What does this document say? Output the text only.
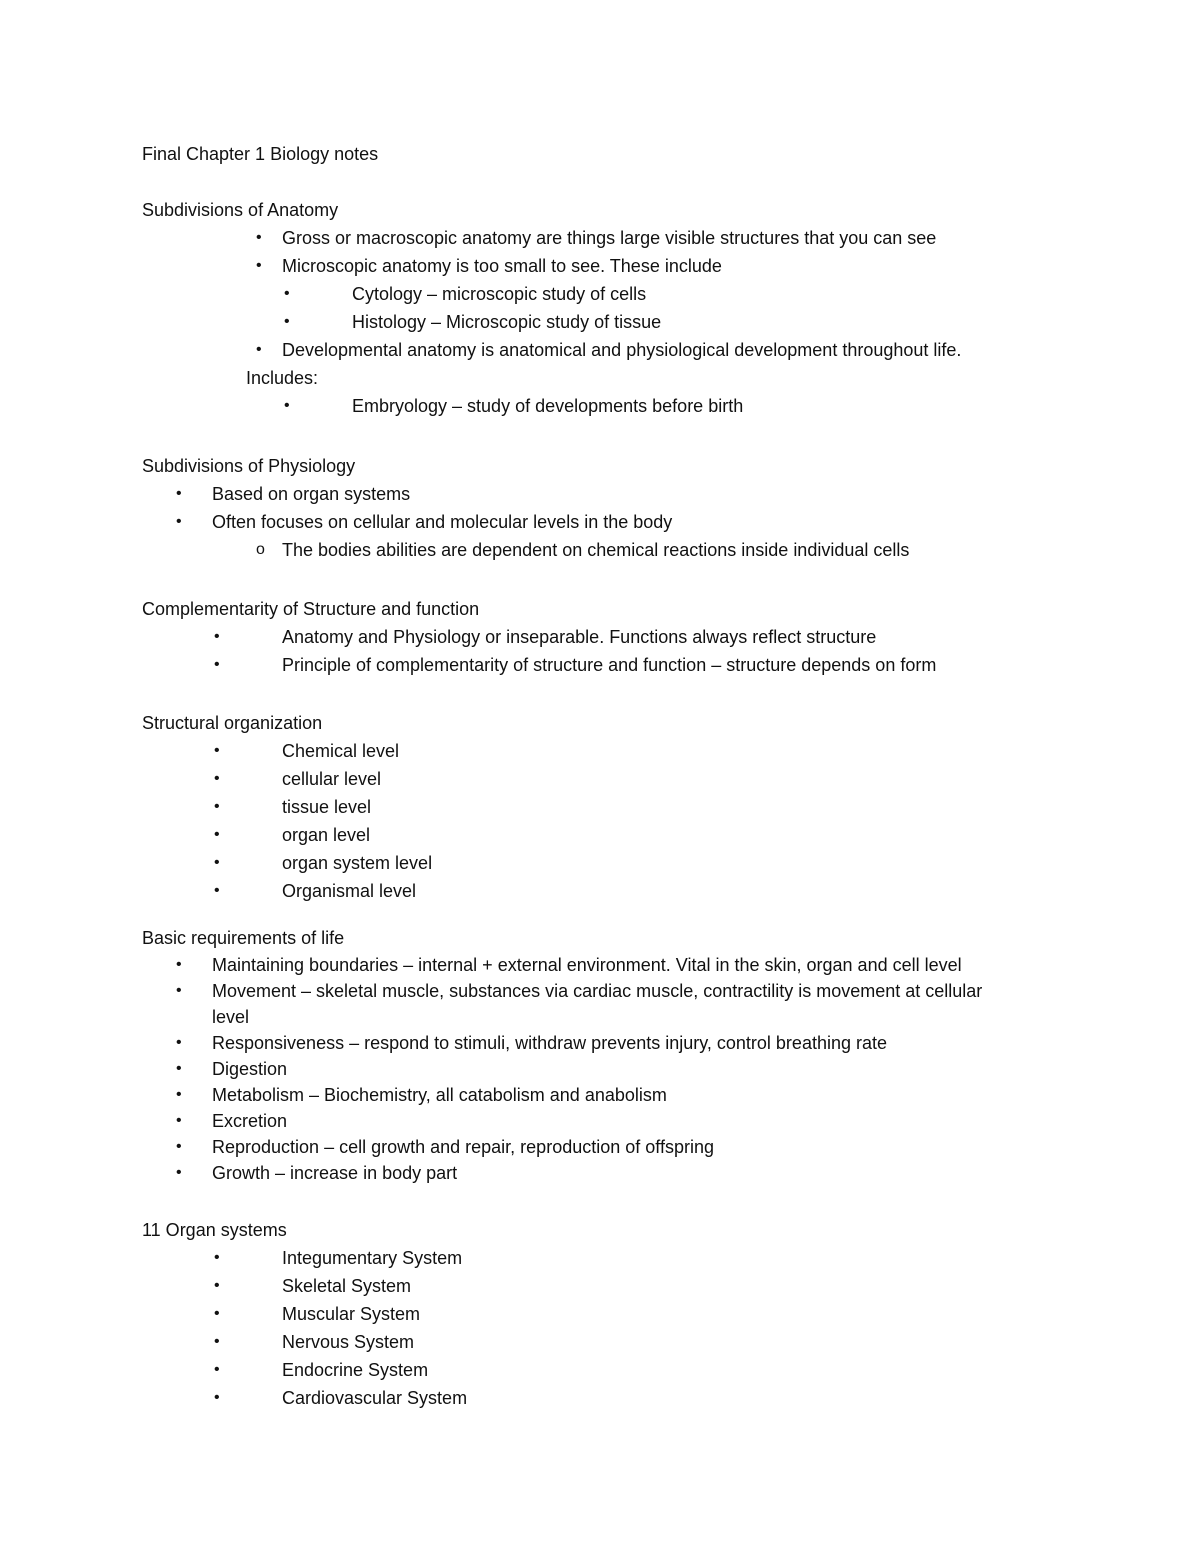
Final Chapter 1 Biology notes
Subdivisions of Anatomy
• Gross or macroscopic anatomy are things large visible structures that you can see
• Microscopic anatomy is too small to see. These include
•	Cytology – microscopic study of cells
•	Histology – Microscopic study of tissue
• Developmental anatomy is anatomical and physiological development throughout life.
Includes:
•	Embryology – study of developments before birth
Subdivisions of Physiology
• Based on organ systems
• Often focuses on cellular and molecular levels in the body
o The bodies abilities are dependent on chemical reactions inside individual cells
Complementarity of Structure and function
•	Anatomy and Physiology or inseparable. Functions always reflect structure
•	Principle of complementarity of structure and function – structure depends on form
Structural organization
•	Chemical level
•	cellular level
•	tissue level
•	organ level
•	organ system level
•	Organismal level
Basic requirements of life
• Maintaining boundaries – internal + external environment. Vital in the skin, organ and cell level
• Movement – skeletal muscle, substances via cardiac muscle, contractility is movement at cellular
level
• Responsiveness – respond to stimuli, withdraw prevents injury, control breathing rate
• Digestion
• Metabolism – Biochemistry, all catabolism and anabolism
• Excretion
• Reproduction – cell growth and repair, reproduction of offspring
• Growth – increase in body part
11 Organ systems
•	Integumentary System
•	Skeletal System
•	Muscular System
•	Nervous System
•	Endocrine System
•	Cardiovascular System
